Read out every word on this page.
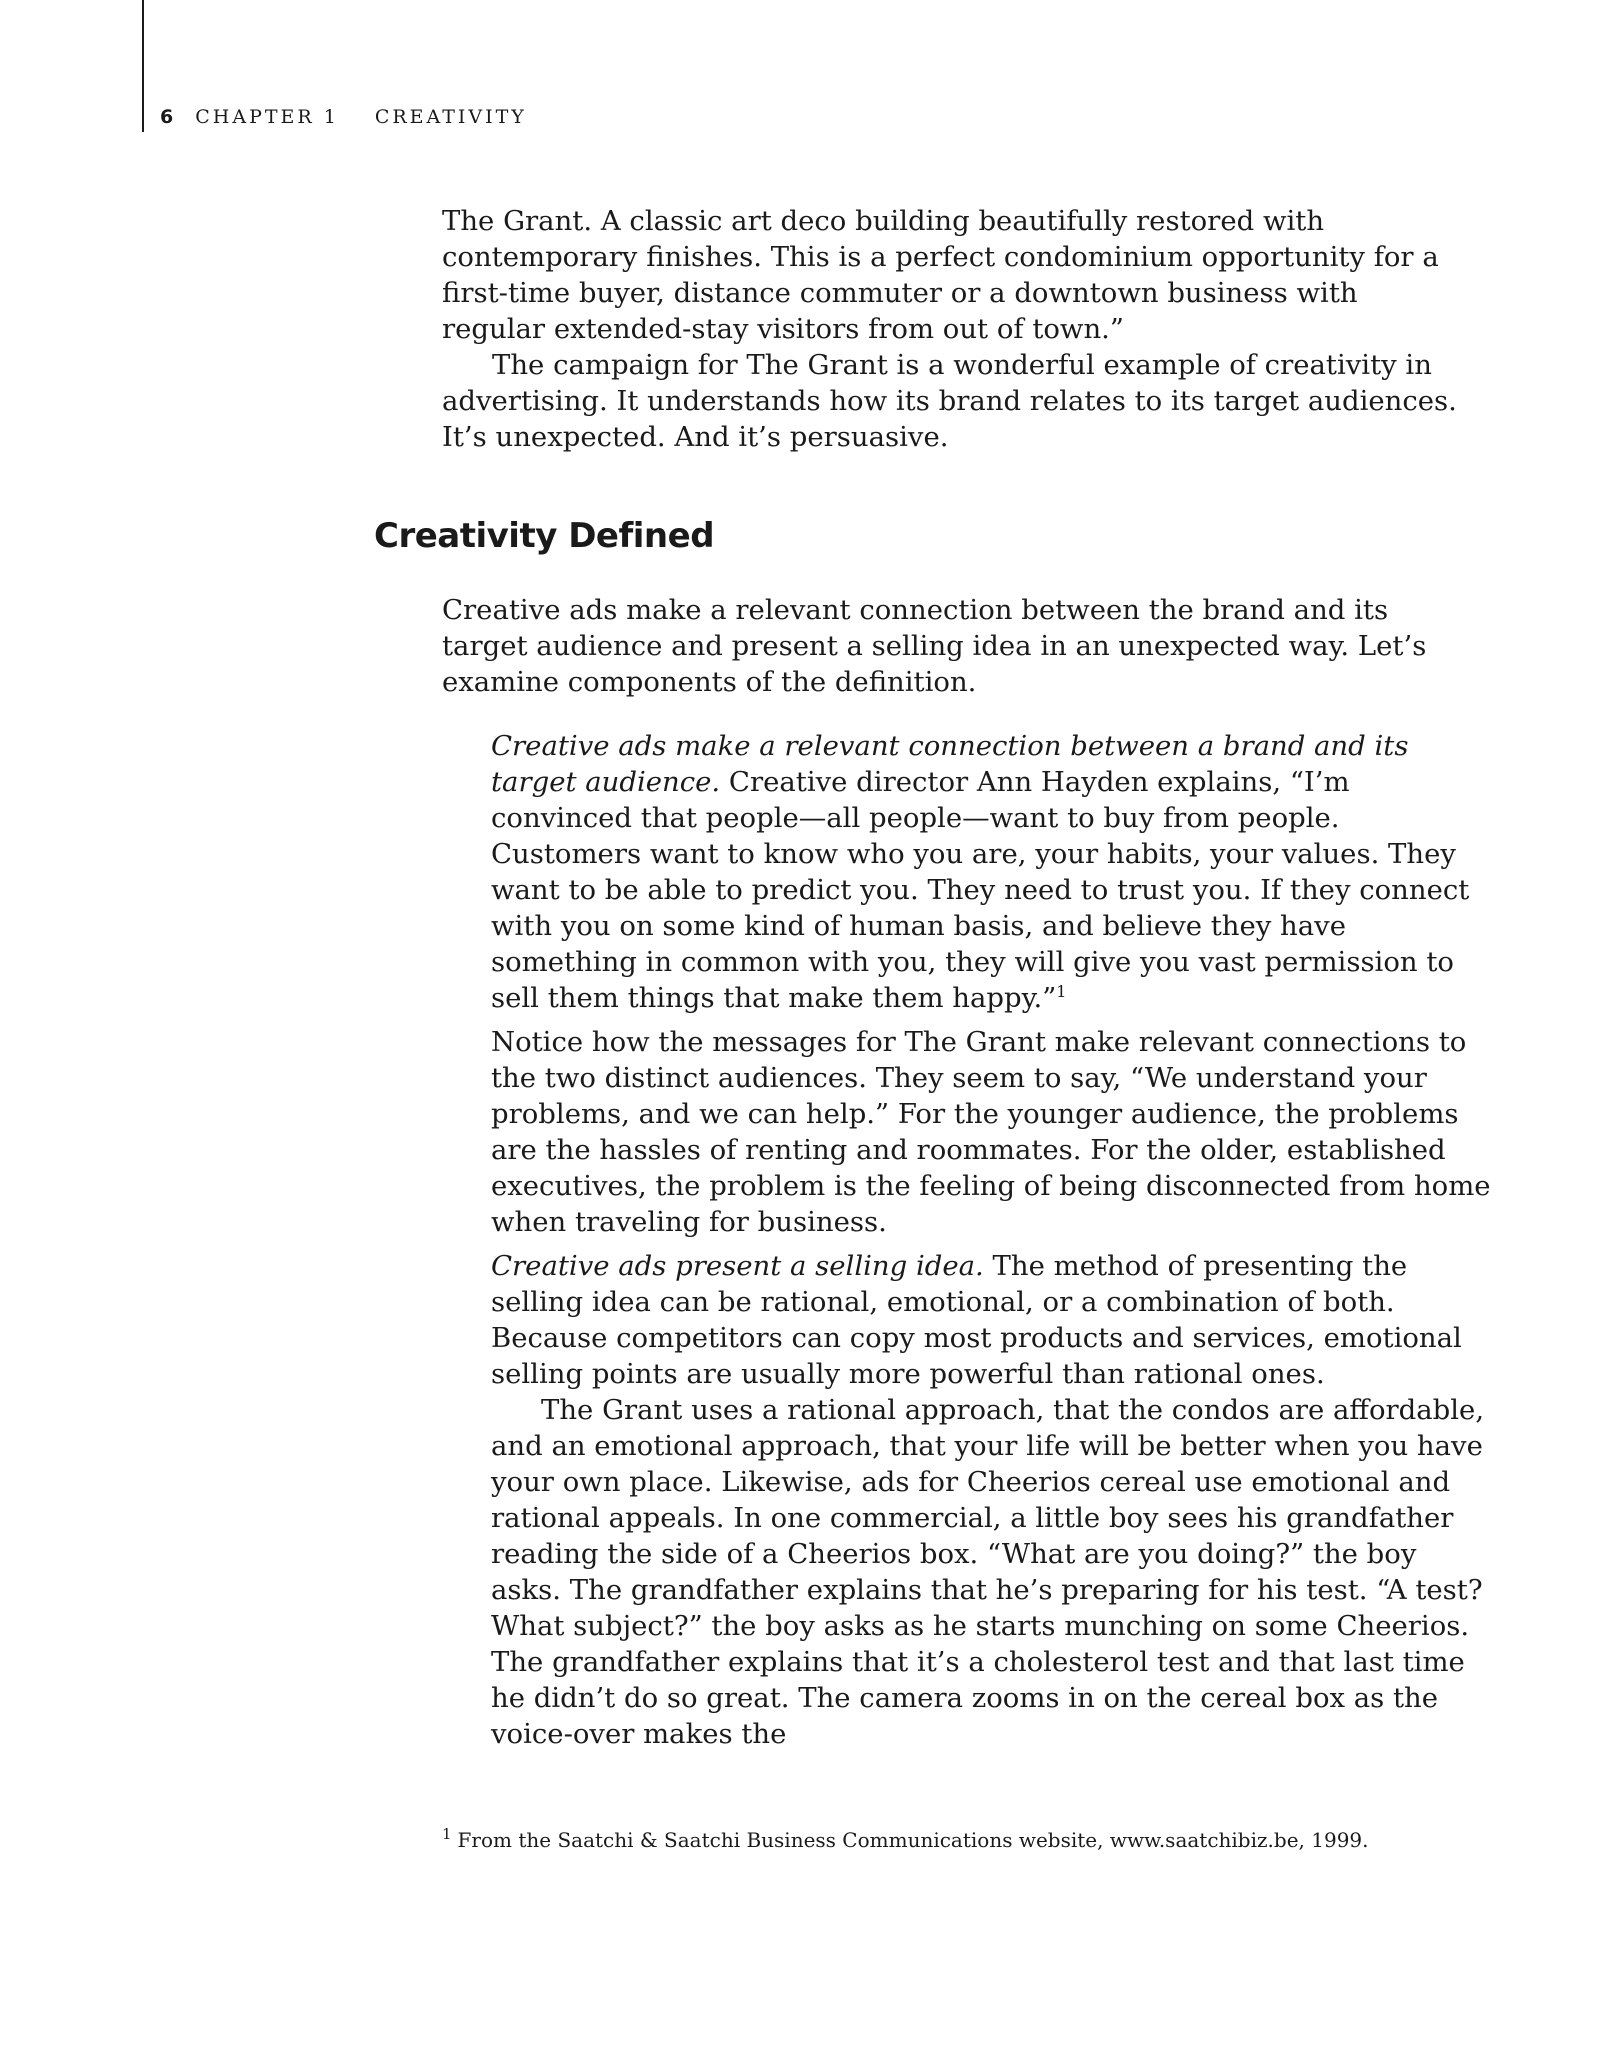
6 CHAPTER 1 CREATIVITY

The Grant. A classic art deco building beautifully restored with contemporary finishes. This is a perfect condominium opportunity for a first-time buyer, distance commuter or a downtown business with regular extended-stay visitors from out of town.”

The campaign for The Grant is a wonderful example of creativity in advertising. It understands how its brand relates to its target audiences. It’s unexpected. And it’s persuasive.

Creativity Defined

Creative ads make a relevant connection between the brand and its target audience and present a selling idea in an unexpected way. Let’s examine components of the definition.

Creative ads make a relevant connection between a brand and its target audience. Creative director Ann Hayden explains, “I’m convinced that people—all people—want to buy from people. Customers want to know who you are, your habits, your values. They want to be able to predict you. They need to trust you. If they connect with you on some kind of human basis, and believe they have something in common with you, they will give you vast permission to sell them things that make them happy.”$^1$

Notice how the messages for The Grant make relevant connections to the two distinct audiences. They seem to say, “We understand your problems, and we can help.” For the younger audience, the problems are the hassles of renting and roommates. For the older, established executives, the problem is the feeling of being disconnected from home when traveling for business.

Creative ads present a selling idea. The method of presenting the selling idea can be rational, emotional, or a combination of both. Because competitors can copy most products and services, emotional selling points are usually more powerful than rational ones.

The Grant uses a rational approach, that the condos are affordable, and an emotional approach, that your life will be better when you have your own place. Likewise, ads for Cheerios cereal use emotional and rational appeals. In one commercial, a little boy sees his grandfather reading the side of a Cheerios box. “What are you doing?” the boy asks. The grandfather explains that he’s preparing for his test. “A test? What subject?” the boy asks as he starts munching on some Cheerios. The grandfather explains that it’s a cholesterol test and that last time he didn’t do so great. The camera zooms in on the cereal box as the voice-over makes the

$^1$ From the Saatchi & Saatchi Business Communications website, www.saatchibiz.be, 1999.
